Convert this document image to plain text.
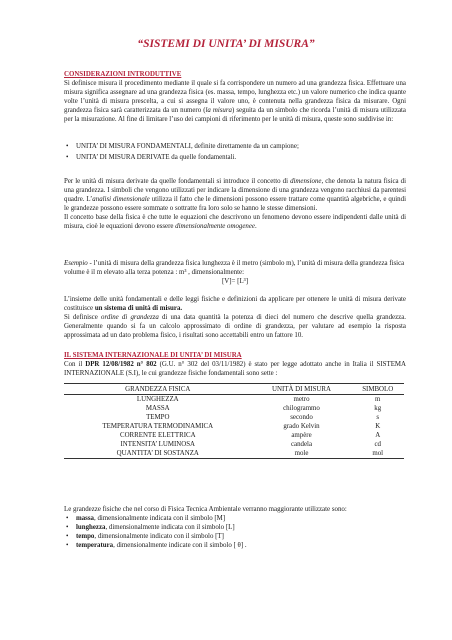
“SISTEMI DI UNITA’ DI MISURA”
CONSIDERAZIONI INTRODUTTIVE

Si definisce misura il procedimento mediante il quale si fa corrispondere un numero ad una grandezza fisica. Effettuare una misura significa assegnare ad una grandezza fisica (es. massa, tempo, lunghezza etc.) un valore numerico che indica quante volte l’unità di misura prescelta, a cui si assegna il valore uno, è contenuta nella grandezza fisica da misurare. Ogni grandezza fisica sarà caratterizzata da un numero (la misura) seguita da un simbolo che ricorda l’unità di misura utilizzata per la misurazione. Al fine di limitare l’uso dei campioni di riferimento per le unità di misura, queste sono suddivise in:

• UNITA’ DI MISURA FONDAMENTALI, definite direttamente da un campione;
• UNITA’ DI MISURA DERIVATE da quelle fondamentali.

Per le unità di misura derivate da quelle fondamentali si introduce il concetto di dimensione, che denota la natura fisica di una grandezza. I simboli che vengono utilizzati per indicare la dimensione di una grandezza vengono racchiusi da parentesi quadre. L’analisi dimensionale utilizza il fatto che le dimensioni possono essere trattare come quantità algebriche, e quindi le grandezze possono essere sommate o sottratte fra loro solo se hanno le stesse dimensioni.

Il concetto base della fisica è che tutte le equazioni che descrivono un fenomeno devono essere indipendenti dalle unità di misura, cioè le equazioni devono essere dimensionalmente omogenee.

Esempio - l’unità di misura della grandezza fisica lunghezza è il metro (simbolo m), l’unità di misura della grandezza fisica volume è il m elevato alla terza potenza : m³ , dimensionalmente:

[V]= [L³]

L’insieme delle unità fondamentali e delle leggi fisiche e definizioni da applicare per ottenere le unità di misura derivate costituisce un sistema di unità di misura.

Si definisce ordine di grandezza di una data quantità la potenza di dieci del numero che descrive quella grandezza. Generalmente quando si fa un calcolo approssimato di ordine di grandezza, per valutare ad esempio la risposta approssimata ad un dato problema fisico, i risultati sono accettabili entro un fattore 10.

IL SISTEMA INTERNAZIONALE DI UNITA’ DI MISURA

Con il DPR 12/08/1982 n° 802 (G.U. n° 302 del 03/11/1982) è stato per legge adottato anche in Italia il SISTEMA INTERNAZIONALE (S.I), le cui grandezze fisiche fondamentali sono sette :

GRANDEZZA FISICA	UNITÀ DI MISURA	SIMBOLO
LUNGHEZZA	metro	m
MASSA	chilogrammo	kg
TEMPO	secondo	s
TEMPERATURA TERMODINAMICA	grado Kelvin	K
CORRENTE ELETTRICA	ampère	A
INTENSITA’ LUMINOSA	candela	cd
QUANTITA’ DI SOSTANZA	mole	mol

Le grandezze fisiche che nel corso di Fisica Tecnica Ambientale verranno maggiorante utilizzate sono:

• massa, dimensionalmente indicata con il simbolo [M]
• lunghezza, dimensionalmente indicata con il simbolo [L]
• tempo, dimensionalmente indicato con il simbolo [T]
• temperatura, dimensionalmente indicate con il simbolo [ θ] .
